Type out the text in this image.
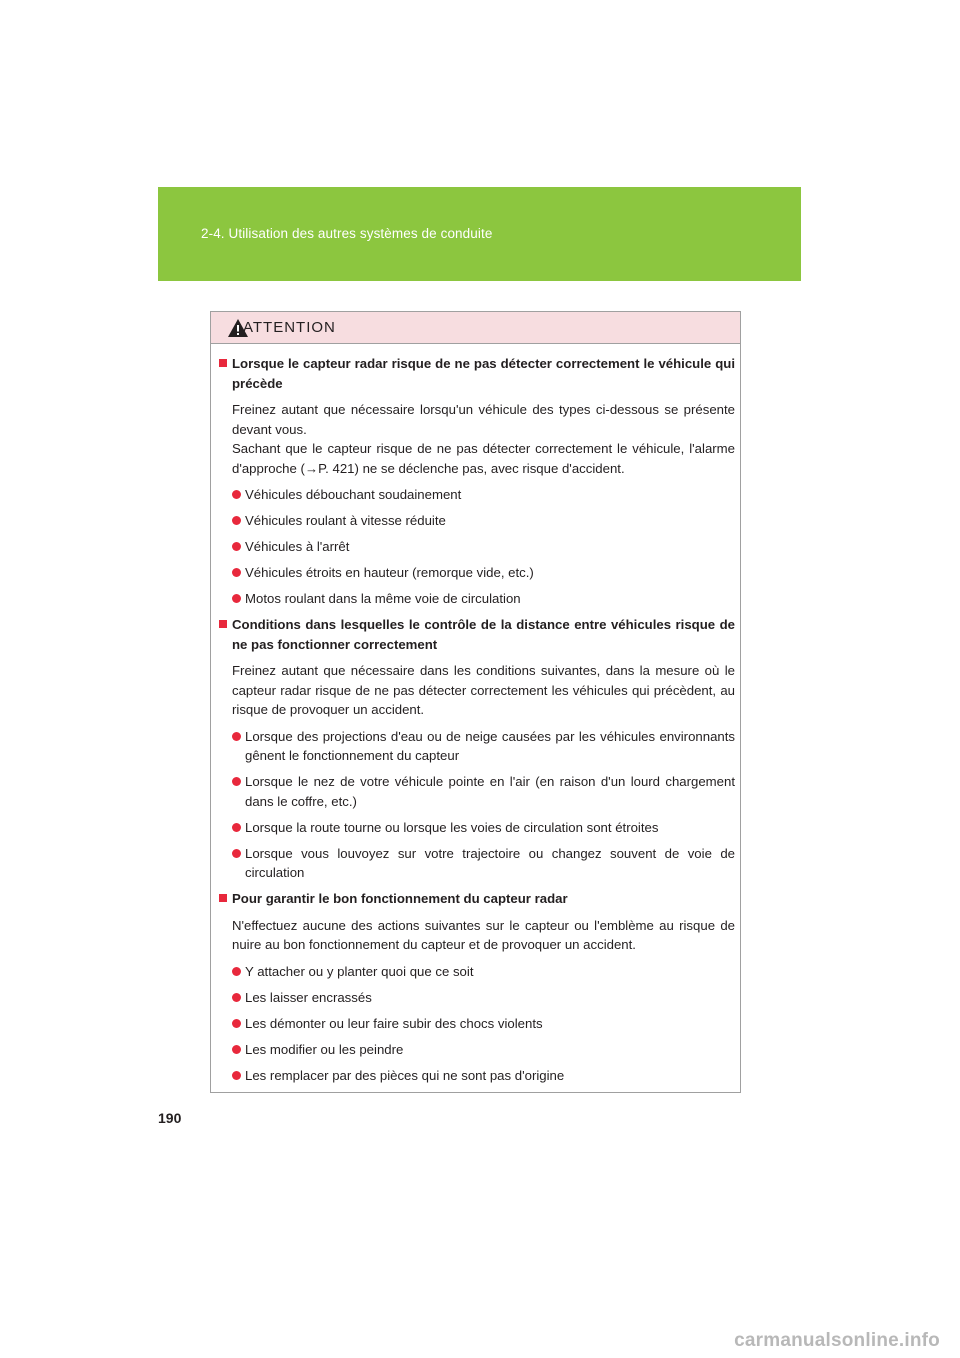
2-4. Utilisation des autres systèmes de conduite
ATTENTION
Lorsque le capteur radar risque de ne pas détecter correctement le véhicule qui précède
Freinez autant que nécessaire lorsqu'un véhicule des types ci-dessous se présente devant vous.
Sachant que le capteur risque de ne pas détecter correctement le véhicule, l'alarme d'approche (→P. 421) ne se déclenche pas, avec risque d'accident.
Véhicules débouchant soudainement
Véhicules roulant à vitesse réduite
Véhicules à l'arrêt
Véhicules étroits en hauteur (remorque vide, etc.)
Motos roulant dans la même voie de circulation
Conditions dans lesquelles le contrôle de la distance entre véhicules risque de ne pas fonctionner correctement
Freinez autant que nécessaire dans les conditions suivantes, dans la mesure où le capteur radar risque de ne pas détecter correctement les véhicules qui précèdent, au risque de provoquer un accident.
Lorsque des projections d'eau ou de neige causées par les véhicules environnants gênent le fonctionnement du capteur
Lorsque le nez de votre véhicule pointe en l'air (en raison d'un lourd chargement dans le coffre, etc.)
Lorsque la route tourne ou lorsque les voies de circulation sont étroites
Lorsque vous louvoyez sur votre trajectoire ou changez souvent de voie de circulation
Pour garantir le bon fonctionnement du capteur radar
N'effectuez aucune des actions suivantes sur le capteur ou l'emblème au risque de nuire au bon fonctionnement du capteur et de provoquer un accident.
Y attacher ou y planter quoi que ce soit
Les laisser encrassés
Les démonter ou leur faire subir des chocs violents
Les modifier ou les peindre
Les remplacer par des pièces qui ne sont pas d'origine
190
carmanualsonline.info
